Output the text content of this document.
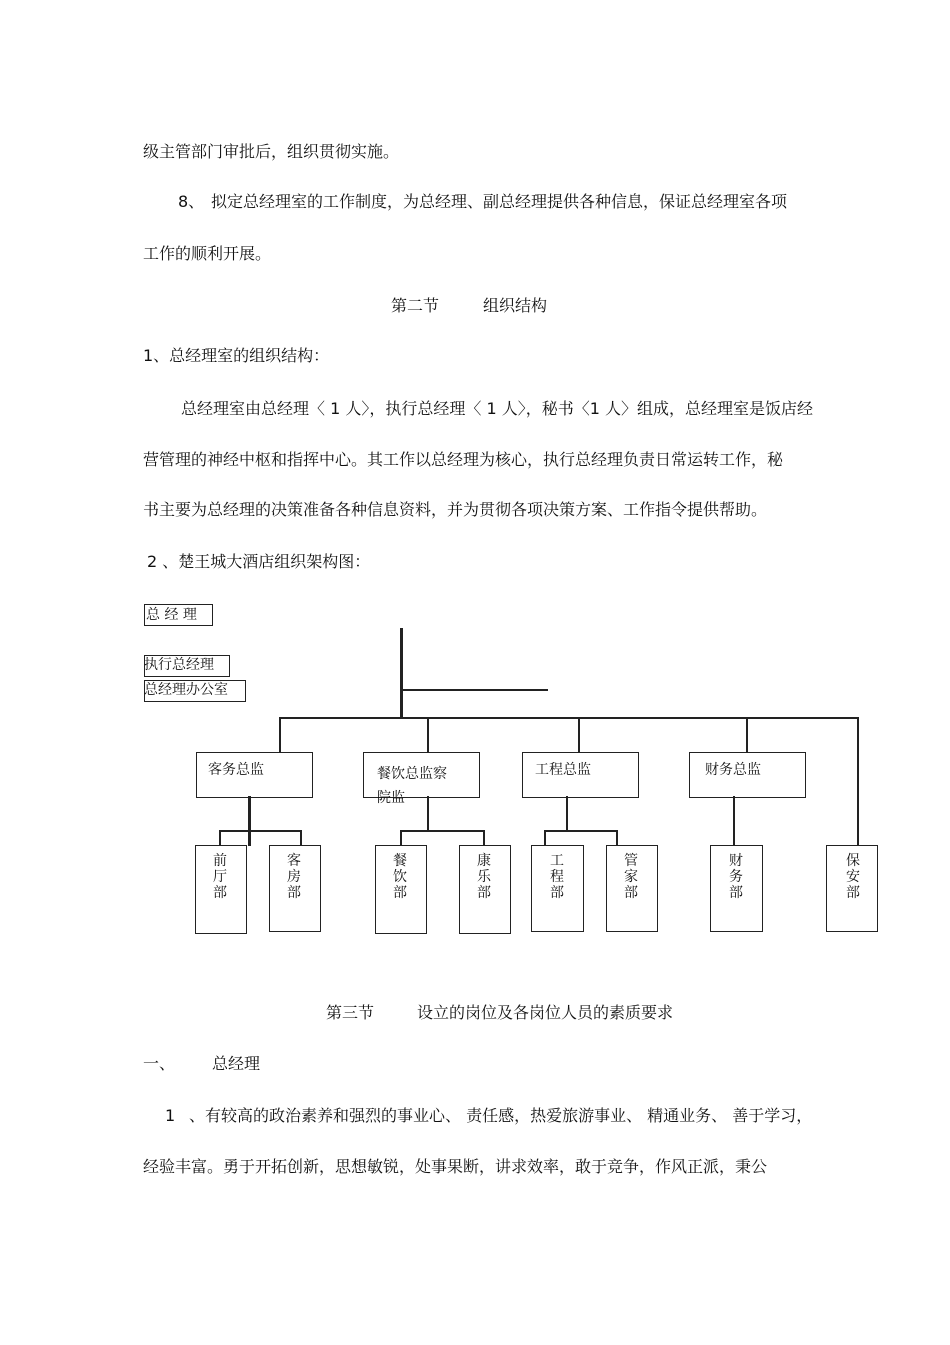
级主管部门审批后，组织贯彻实施。
8、 拟定总经理室的工作制度，为总经理、副总经理提供各种信息，保证总经理室各项
工作的顺利开展。
第二节	组织结构
1、总经理室的组织结构：
总经理室由总经理〈 1 人〉，执行总经理〈 1 人〉，秘书〈1 人〉组成，总经理室是饭店经
营管理的神经中枢和指挥中心。其工作以总经理为核心，执行总经理负责日常运转工作，秘
书主要为总经理的决策准备各种信息资料，并为贯彻各项决策方案、工作指令提供帮助。
2 、楚王城大酒店组织架构图：
总 经 理
执行总经理
总经理办公室
客务总监	餐饮总监察院监
工程总监	财务总监
前厅部
客房部
餐饮部
康乐部
工程部
管家部
财务部
保安部
第三节	设立的岗位及各岗位人员的素质要求
一、 总经理
1 、有较高的政治素养和强烈的事业心、 责任感，热爱旅游事业、 精通业务、 善于学习，
经验丰富。勇于开拓创新，思想敏锐，处事果断，讲求效率，敢于竞争，作风正派，秉公
